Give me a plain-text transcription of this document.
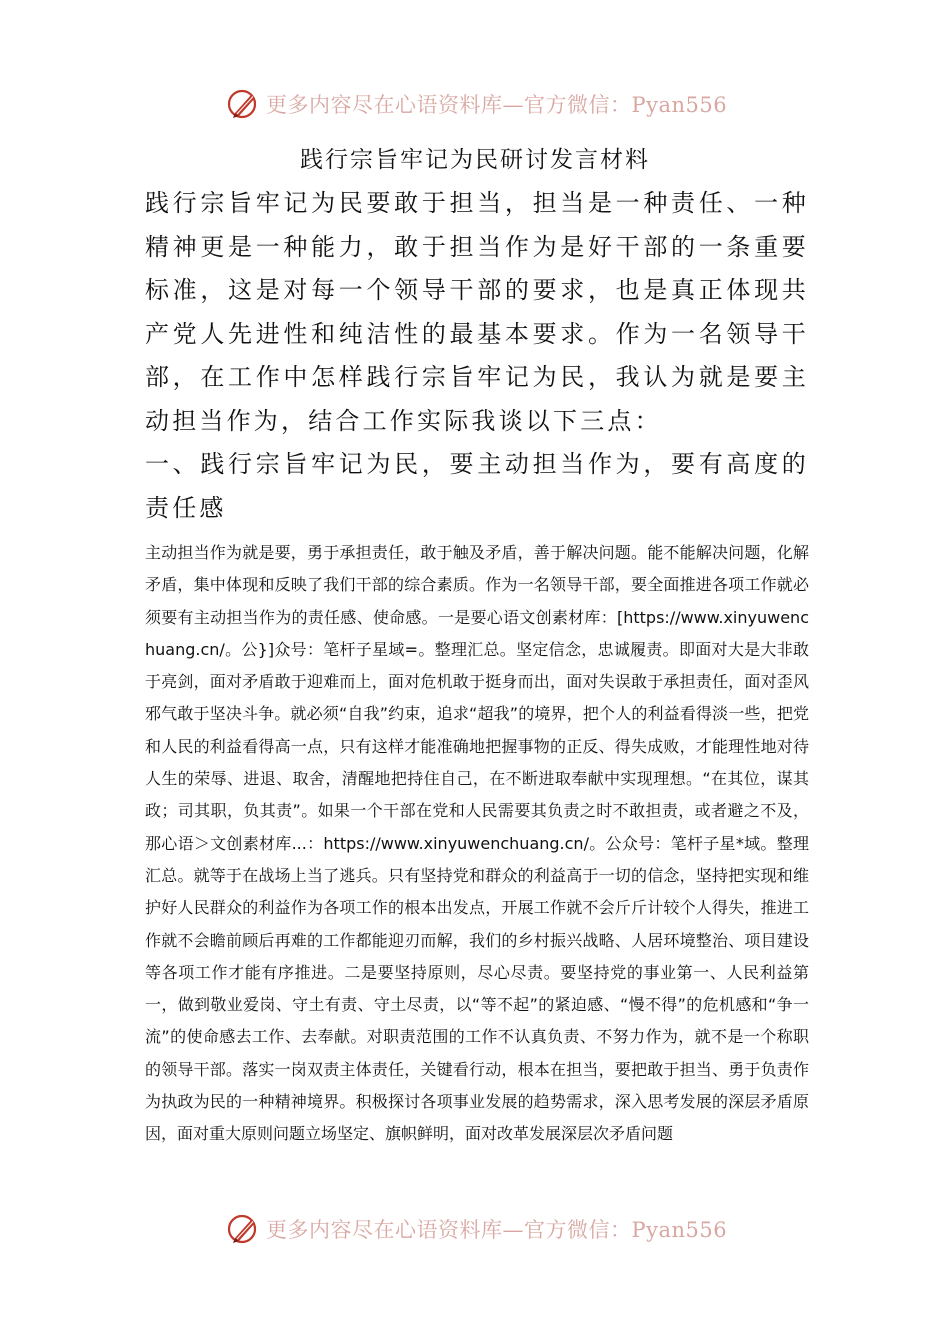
更多内容尽在心语资料库—官方微信：Pyan556
践行宗旨牢记为民研讨发言材料

践行宗旨牢记为民要敢于担当，担当是一种责任、一种精神更是一种能力，敢于担当作为是好干部的一条重要标准，这是对每一个领导干部的要求，也是真正体现共产党人先进性和纯洁性的最基本要求。作为一名领导干部，在工作中怎样践行宗旨牢记为民，我认为就是要主动担当作为，结合工作实际我谈以下三点：

一、践行宗旨牢记为民，要主动担当作为，要有高度的责任感

主动担当作为就是要，勇于承担责任，敢于触及矛盾，善于解决问题。能不能解决问题，化解矛盾，集中体现和反映了我们干部的综合素质。作为一名领导干部，要全面推进各项工作就必须要有主动担当作为的责任感、使命感。一是要心语文创素材库：[https://www.xinyuwenchuang.cn/。公}]众号：笔杆子星域=。整理汇总。坚定信念，忠诚履责。即面对大是大非敢于亮剑，面对矛盾敢于迎难而上，面对危机敢于挺身而出，面对失误敢于承担责任，面对歪风邪气敢于坚决斗争。就必须“自我”约束，追求“超我”的境界，把个人的利益看得淡一些，把党和人民的利益看得高一点，只有这样才能准确地把握事物的正反、得失成败，才能理性地对待人生的荣辱、进退、取舍，清醒地把持住自己，在不断进取奉献中实现理想。“在其位，谋其政；司其职，负其责”。如果一个干部在党和人民需要其负责之时不敢担责，或者避之不及，那心语＞文创素材库...：https://www.xinyuwenchuang.cn/。公众号：笔杆子星*域。整理汇总。就等于在战场上当了逃兵。只有坚持党和群众的利益高于一切的信念，坚持把实现和维护好人民群众的利益作为各项工作的根本出发点，开展工作就不会斤斤计较个人得失，推进工作就不会瞻前顾后再难的工作都能迎刃而解，我们的乡村振兴战略、人居环境整治、项目建设等各项工作才能有序推进。二是要坚持原则，尽心尽责。要坚持党的事业第一、人民利益第一，做到敬业爱岗、守土有责、守土尽责，以“等不起”的紧迫感、“慢不得”的危机感和“争一流”的使命感去工作、去奉献。对职责范围的工作不认真负责、不努力作为，就不是一个称职的领导干部。落实一岗双责主体责任，关键看行动，根本在担当，要把敢于担当、勇于负责作为执政为民的一种精神境界。积极探讨各项事业发展的趋势需求，深入思考发展的深层矛盾原因，面对重大原则问题立场坚定、旗帜鲜明，面对改革发展深层次矛盾问题

更多内容尽在心语资料库—官方微信：Pyan556
